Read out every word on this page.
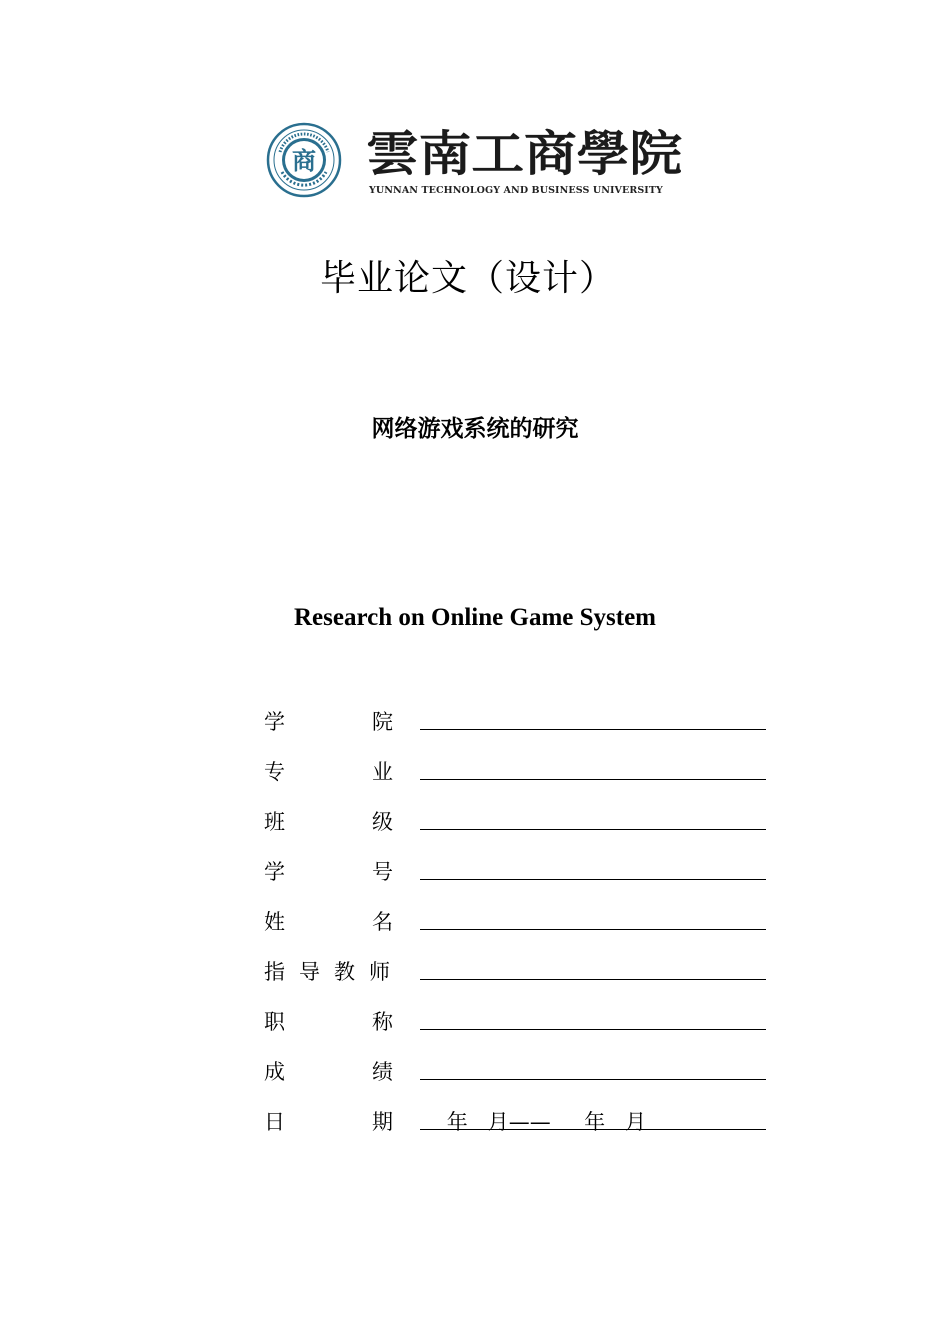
商 雲南工商學院
YUNNAN TECHNOLOGY AND BUSINESS UNIVERSITY
毕业论文（设计）
网络游戏系统的研究
Research on Online Game System
学	院
专	业
班	级
学	号
姓	名
指导教师
职	称
成	绩
日	期 年   月——     年   月
